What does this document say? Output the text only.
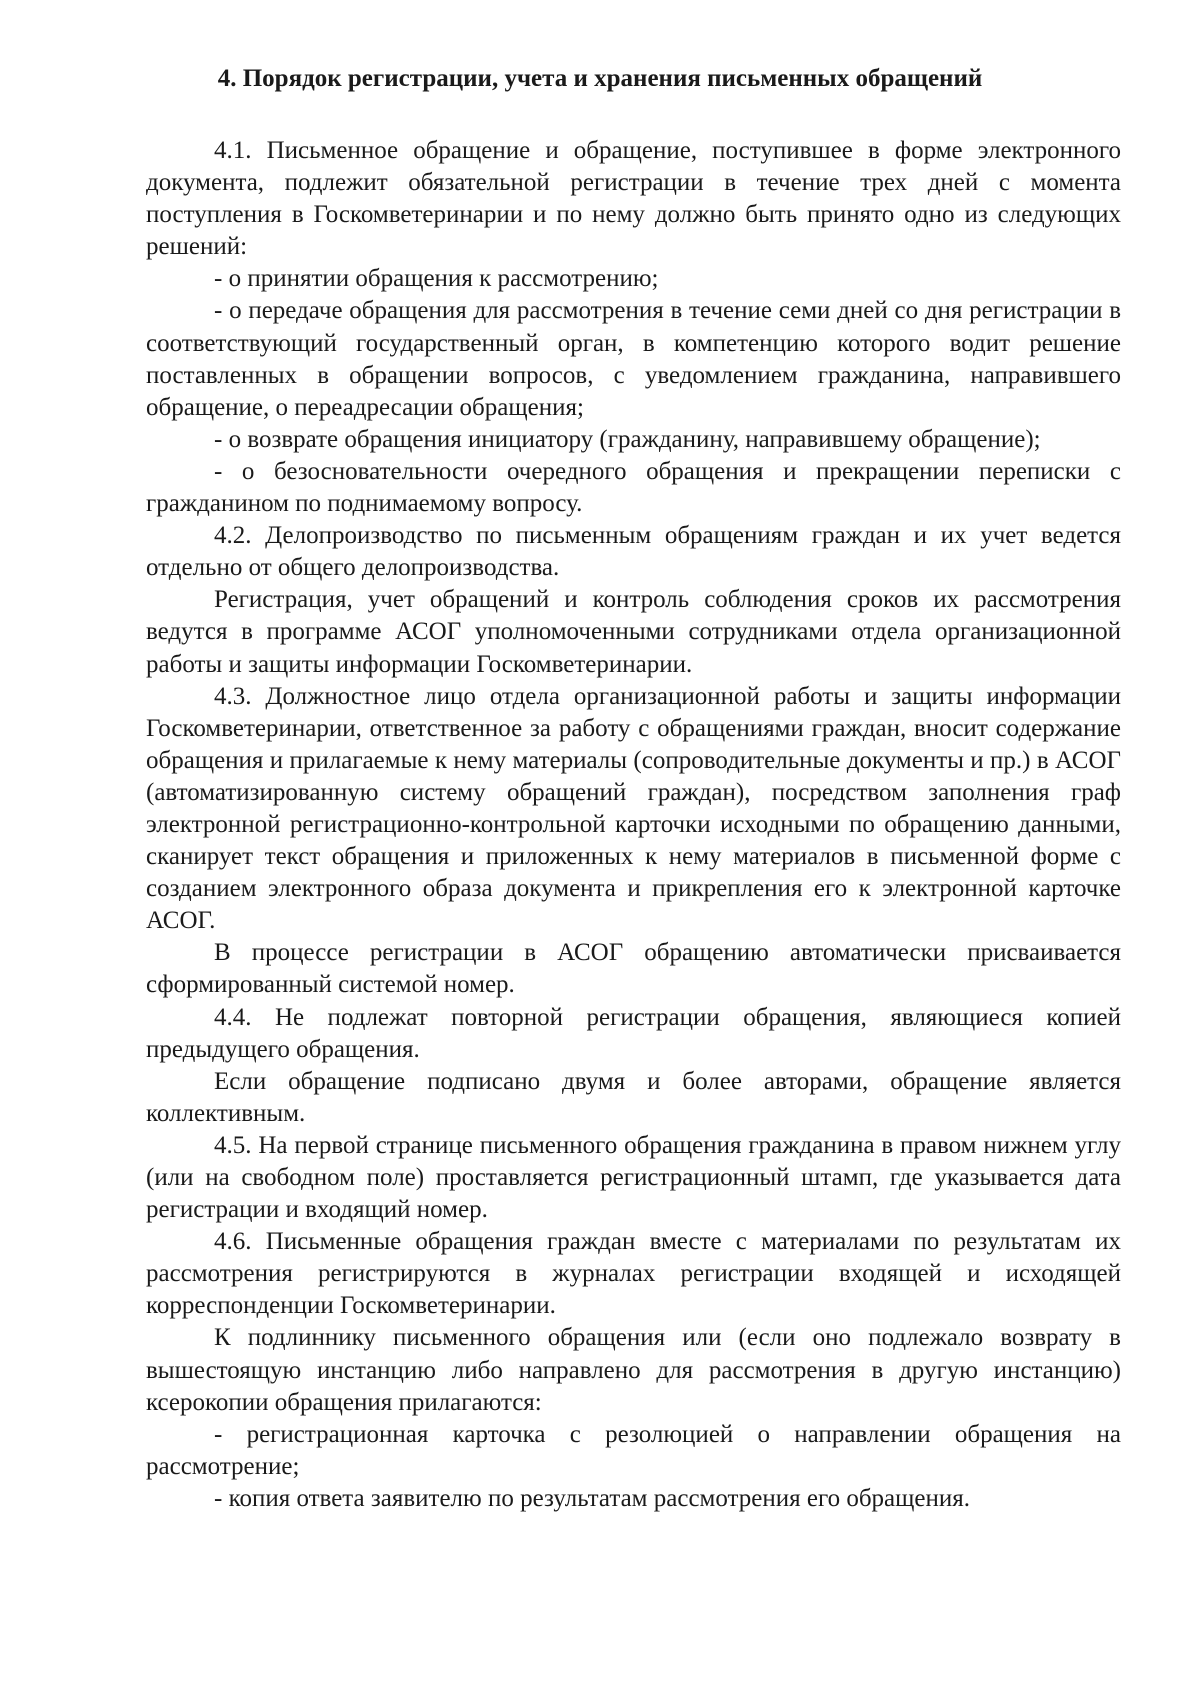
4. Порядок регистрации, учета и хранения письменных обращений

4.1. Письменное обращение и обращение, поступившее в форме электронного документа, подлежит обязательной регистрации в течение трех дней с момента поступления в Госкомветеринарии и по нему должно быть принято одно из следующих решений:

- о принятии обращения к рассмотрению;

- о передаче обращения для рассмотрения в течение семи дней со дня регистрации в соответствующий государственный орган, в компетенцию которого водит решение поставленных в обращении вопросов, с уведомлением гражданина, направившего обращение, о переадресации обращения;

- о возврате обращения инициатору (гражданину, направившему обращение);

- о безосновательности очередного обращения и прекращении переписки с гражданином по поднимаемому вопросу.

4.2. Делопроизводство по письменным обращениям граждан и их учет ведется отдельно от общего делопроизводства.

Регистрация, учет обращений и контроль соблюдения сроков их рассмотрения ведутся в программе АСОГ уполномоченными сотрудниками отдела организационной работы и защиты информации Госкомветеринарии.

4.3. Должностное лицо отдела организационной работы и защиты информации Госкомветеринарии, ответственное за работу с обращениями граждан, вносит содержание обращения и прилагаемые к нему материалы (сопроводительные документы и пр.) в АСОГ (автоматизированную систему обращений граждан), посредством заполнения граф электронной регистрационно-контрольной карточки исходными по обращению данными, сканирует текст обращения и приложенных к нему материалов в письменной форме с созданием электронного образа документа и прикрепления его к электронной карточке АСОГ.

В процессе регистрации в АСОГ обращению автоматически присваивается сформированный системой номер.

4.4. Не подлежат повторной регистрации обращения, являющиеся копией предыдущего обращения.

Если обращение подписано двумя и более авторами, обращение является коллективным.

4.5. На первой странице письменного обращения гражданина в правом нижнем углу (или на свободном поле) проставляется регистрационный штамп, где указывается дата регистрации и входящий номер.

4.6. Письменные обращения граждан вместе с материалами по результатам их рассмотрения регистрируются в журналах регистрации входящей и исходящей корреспонденции Госкомветеринарии.

К подлиннику письменного обращения или (если оно подлежало возврату в вышестоящую инстанцию либо направлено для рассмотрения в другую инстанцию) ксерокопии обращения прилагаются:

- регистрационная карточка с резолюцией о направлении обращения на рассмотрение;

- копия ответа заявителю по результатам рассмотрения его обращения.
